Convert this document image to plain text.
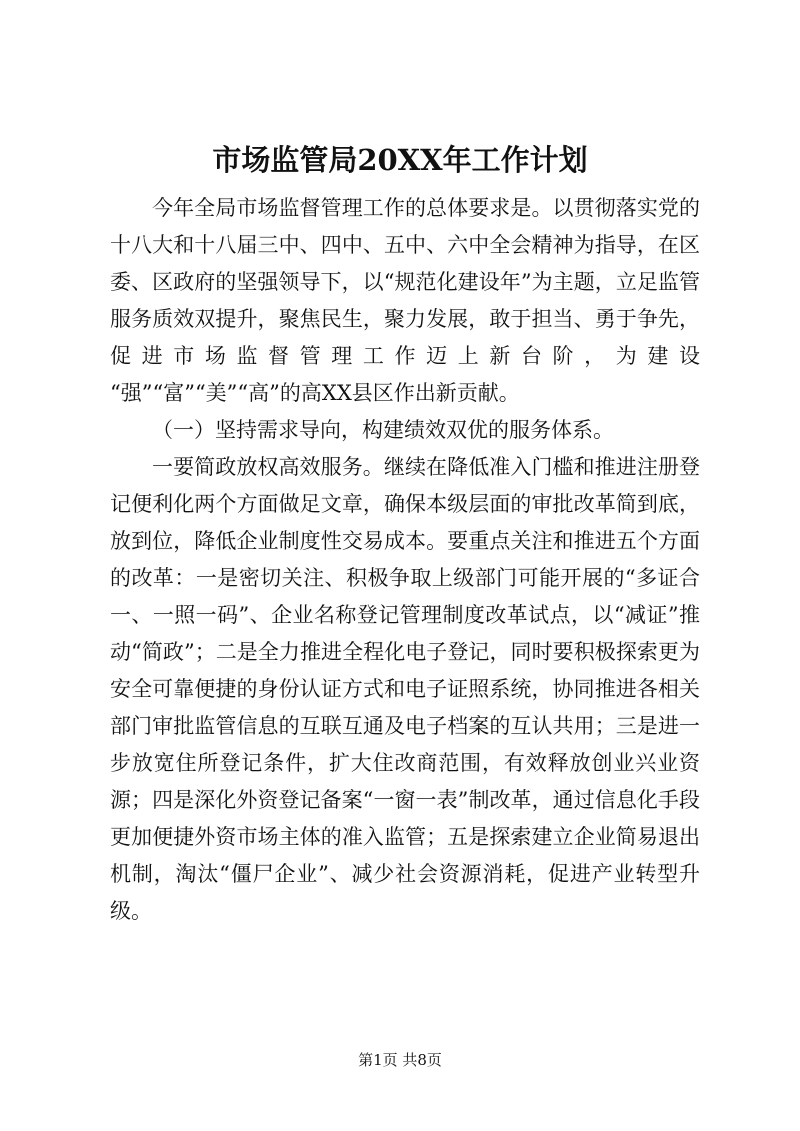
市场监管局20XX年工作计划

今年全局市场监督管理工作的总体要求是。以贯彻落实党的十八大和十八届三中、四中、五中、六中全会精神为指导，在区委、区政府的坚强领导下，以“规范化建设年”为主题，立足监管服务质效双提升，聚焦民生，聚力发展，敢于担当、勇于争先，促进市场监督管理工作迈上新台阶，为建设

“强”“富”“美”“高”的高XX县区作出新贡献。

（一）坚持需求导向，构建绩效双优的服务体系。

一要简政放权高效服务。继续在降低准入门槛和推进注册登记便利化两个方面做足文章，确保本级层面的审批改革简到底，放到位，降低企业制度性交易成本。要重点关注和推进五个方面的改革：一是密切关注、积极争取上级部门可能开展的“多证合一、一照一码”、企业名称登记管理制度改革试点，以“减证”推动“简政”；二是全力推进全程化电子登记，同时要积极探索更为安全可靠便捷的身份认证方式和电子证照系统，协同推进各相关部门审批监管信息的互联互通及电子档案的互认共用；三是进一步放宽住所登记条件，扩大住改商范围，有效释放创业兴业资源；四是深化外资登记备案“一窗一表”制改革，通过信息化手段更加便捷外资市场主体的准入监管；五是探索建立企业简易退出机制，淘汰“僵尸企业”、减少社会资源消耗，促进产业转型升级。

第1页 共8页
